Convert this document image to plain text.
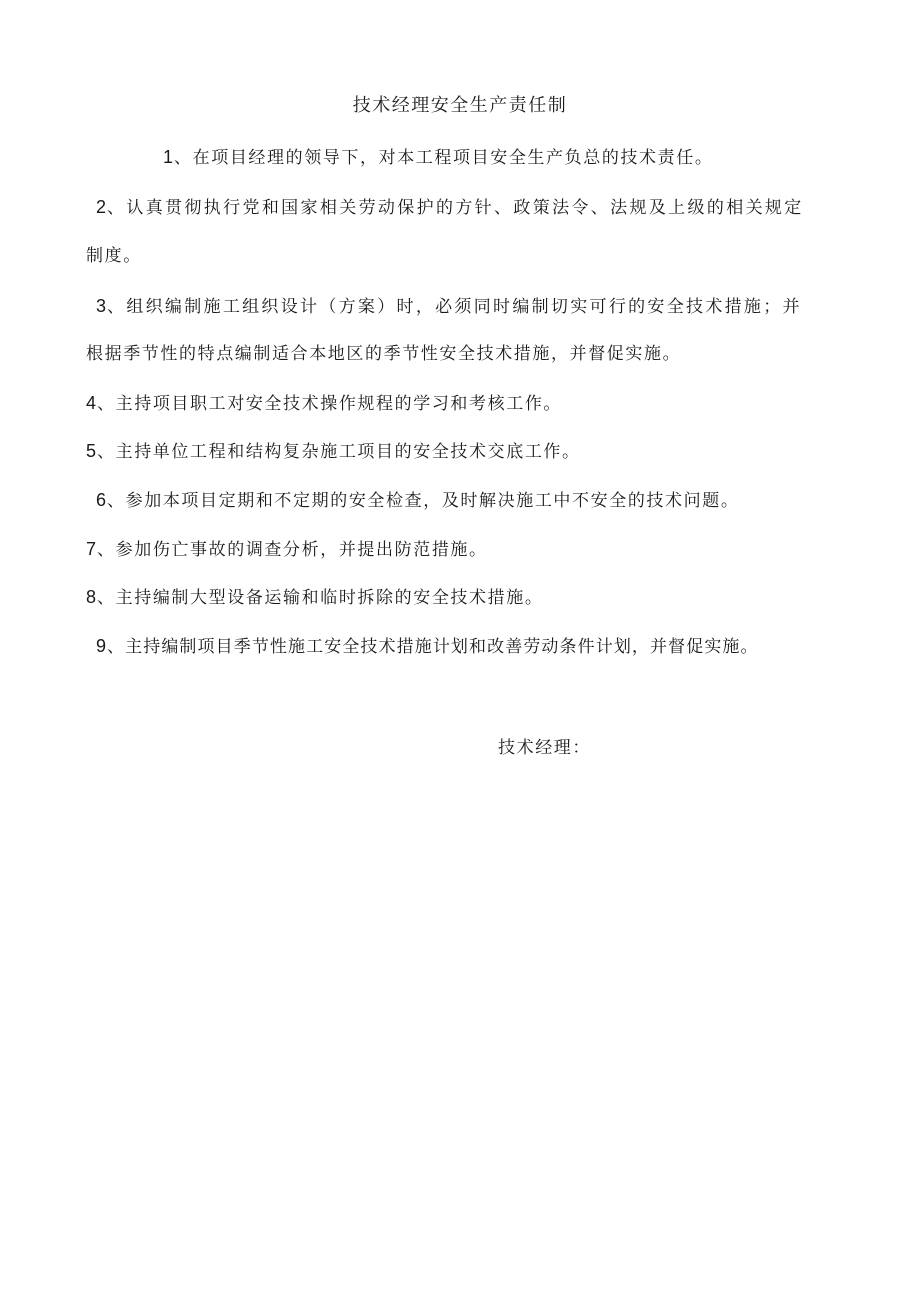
技术经理安全生产责任制
1、在项目经理的领导下，对本工程项目安全生产负总的技术责任。
2、认真贯彻执行党和国家相关劳动保护的方针、政策法令、法规及上级的相关规定
制度。
3、组织编制施工组织设计（方案）时，必须同时编制切实可行的安全技术措施；并
根据季节性的特点编制适合本地区的季节性安全技术措施，并督促实施。
4、主持项目职工对安全技术操作规程的学习和考核工作。
5、主持单位工程和结构复杂施工项目的安全技术交底工作。
6、参加本项目定期和不定期的安全检查，及时解决施工中不安全的技术问题。
7、参加伤亡事故的调查分析，并提出防范措施。
8、主持编制大型设备运输和临时拆除的安全技术措施。
9、主持编制项目季节性施工安全技术措施计划和改善劳动条件计划，并督促实施。
技术经理：
